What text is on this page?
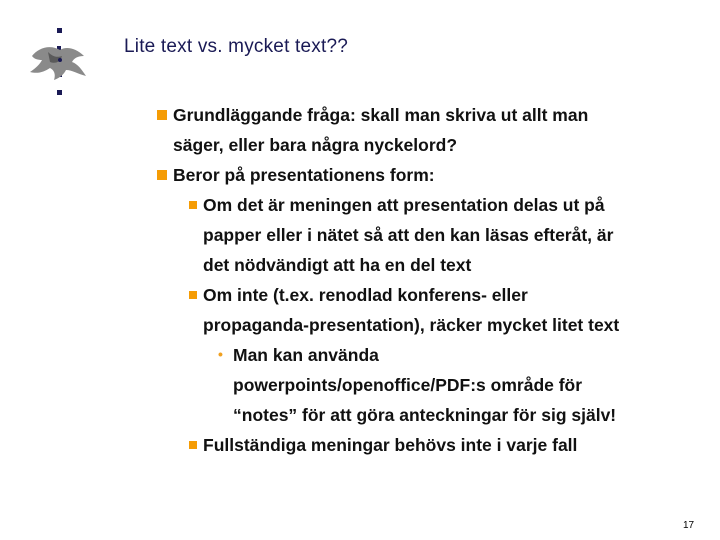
Lite text vs. mycket text??
Grundläggande fråga: skall man skriva ut allt man
säger, eller bara några nyckelord?
Beror på presentationens form:
Om det är meningen att presentation delas ut på
papper eller i nätet så att den kan läsas efteråt, är
det nödvändigt att ha en del text
Om inte (t.ex. renodlad konferens- eller
propaganda-presentation), räcker mycket litet text
• Man kan använda
powerpoints/openoffice/PDF:s område för
“notes” för att göra anteckningar för sig själv!
Fullständiga meningar behövs inte i varje fall
17
